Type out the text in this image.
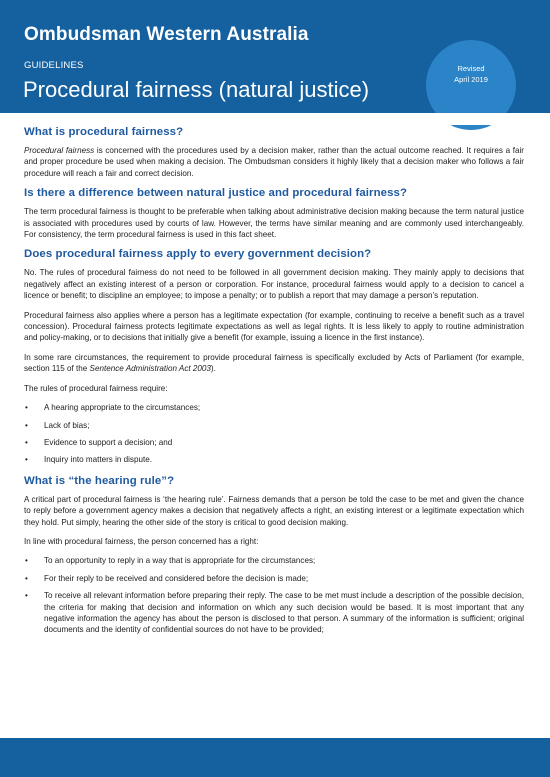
Ombudsman Western Australia
GUIDELINES
Procedural fairness (natural justice)
Revised
April 2019
What is procedural fairness?

Procedural fairness is concerned with the procedures used by a decision maker, rather than the actual outcome reached. It requires a fair and proper procedure be used when making a decision. The Ombudsman considers it highly likely that a decision maker who follows a fair procedure will reach a fair and correct decision.

Is there a difference between natural justice and procedural fairness?

The term procedural fairness is thought to be preferable when talking about administrative decision making because the term natural justice is associated with procedures used by courts of law. However, the terms have similar meaning and are commonly used interchangeably. For consistency, the term procedural fairness is used in this fact sheet.

Does procedural fairness apply to every government decision?

No. The rules of procedural fairness do not need to be followed in all government decision making. They mainly apply to decisions that negatively affect an existing interest of a person or corporation. For instance, procedural fairness would apply to a decision to cancel a licence or benefit; to discipline an employee; to impose a penalty; or to publish a report that may damage a person’s reputation.

Procedural fairness also applies where a person has a legitimate expectation (for example, continuing to receive a benefit such as a travel concession). Procedural fairness protects legitimate expectations as well as legal rights. It is less likely to apply to routine administration and policy-making, or to decisions that initially give a benefit (for example, issuing a licence in the first instance).

In some rare circumstances, the requirement to provide procedural fairness is specifically excluded by Acts of Parliament (for example, section 115 of the Sentence Administration Act 2003).

The rules of procedural fairness require:

• A hearing appropriate to the circumstances;
• Lack of bias;
• Evidence to support a decision; and
• Inquiry into matters in dispute.
What is “the hearing rule”?

A critical part of procedural fairness is ‘the hearing rule’. Fairness demands that a person be told the case to be met and given the chance to reply before a government agency makes a decision that negatively affects a right, an existing interest or a legitimate expectation which they hold. Put simply, hearing the other side of the story is critical to good decision making.

In line with procedural fairness, the person concerned has a right:

• To an opportunity to reply in a way that is appropriate for the circumstances;
• For their reply to be received and considered before the decision is made;
• To receive all relevant information before preparing their reply. The case to be met must include a description of the possible decision, the criteria for making that decision and information on which any such decision would be based. It is most important that any negative information the agency has about the person is disclosed to that person. A summary of the information is sufficient; original documents and the identity of confidential sources do not have to be provided;
